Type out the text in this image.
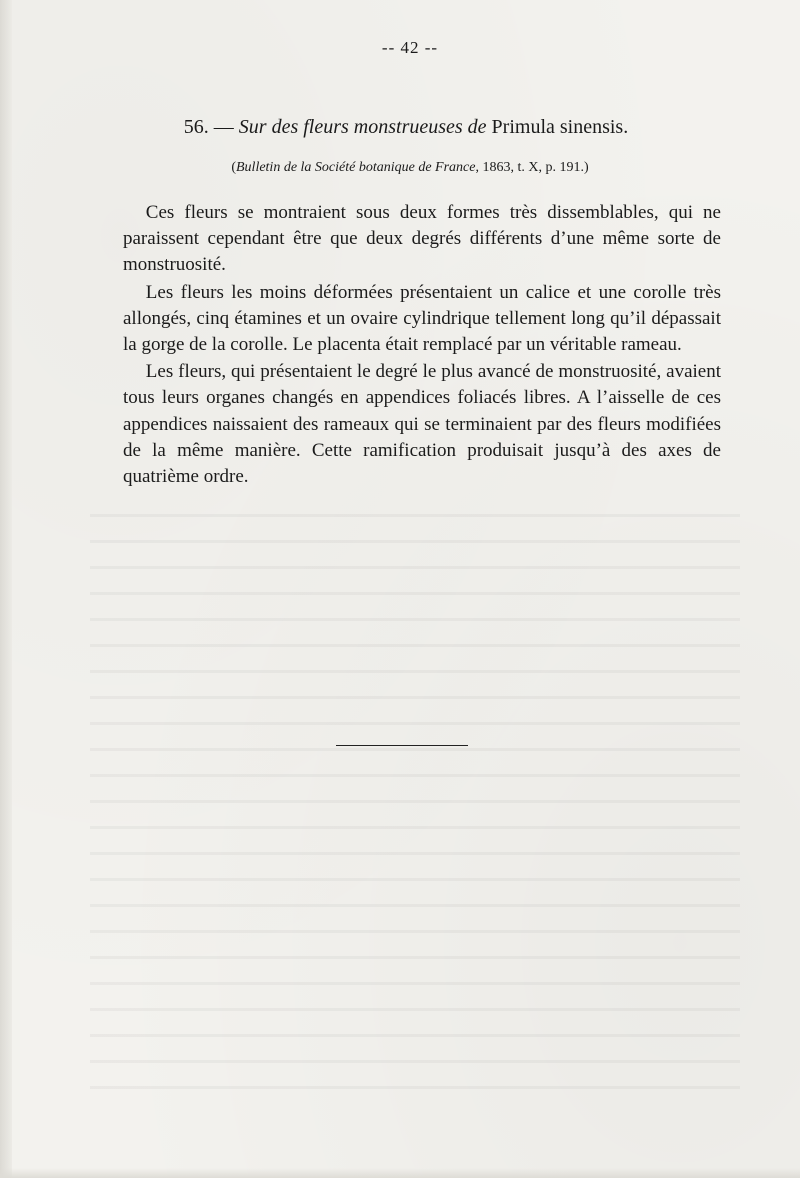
-- 42 --
56. — Sur des fleurs monstrueuses de Primula sinensis.
(Bulletin de la Société botanique de France, 1863, t. X, p. 191.)

Ces fleurs se montraient sous deux formes très dissemblables, qui ne paraissent cependant être que deux degrés différents d’une même sorte de monstruosité.

Les fleurs les moins déformées présentaient un calice et une corolle très allongés, cinq étamines et un ovaire cylindrique tellement long qu’il dépassait la gorge de la corolle. Le placenta était remplacé par un véritable rameau.

Les fleurs, qui présentaient le degré le plus avancé de monstruosité, avaient tous leurs organes changés en appendices foliacés libres. A l’aisselle de ces appendices naissaient des rameaux qui se terminaient par des fleurs modifiées de la même manière. Cette ramification produisait jusqu’à des axes de quatrième ordre.
